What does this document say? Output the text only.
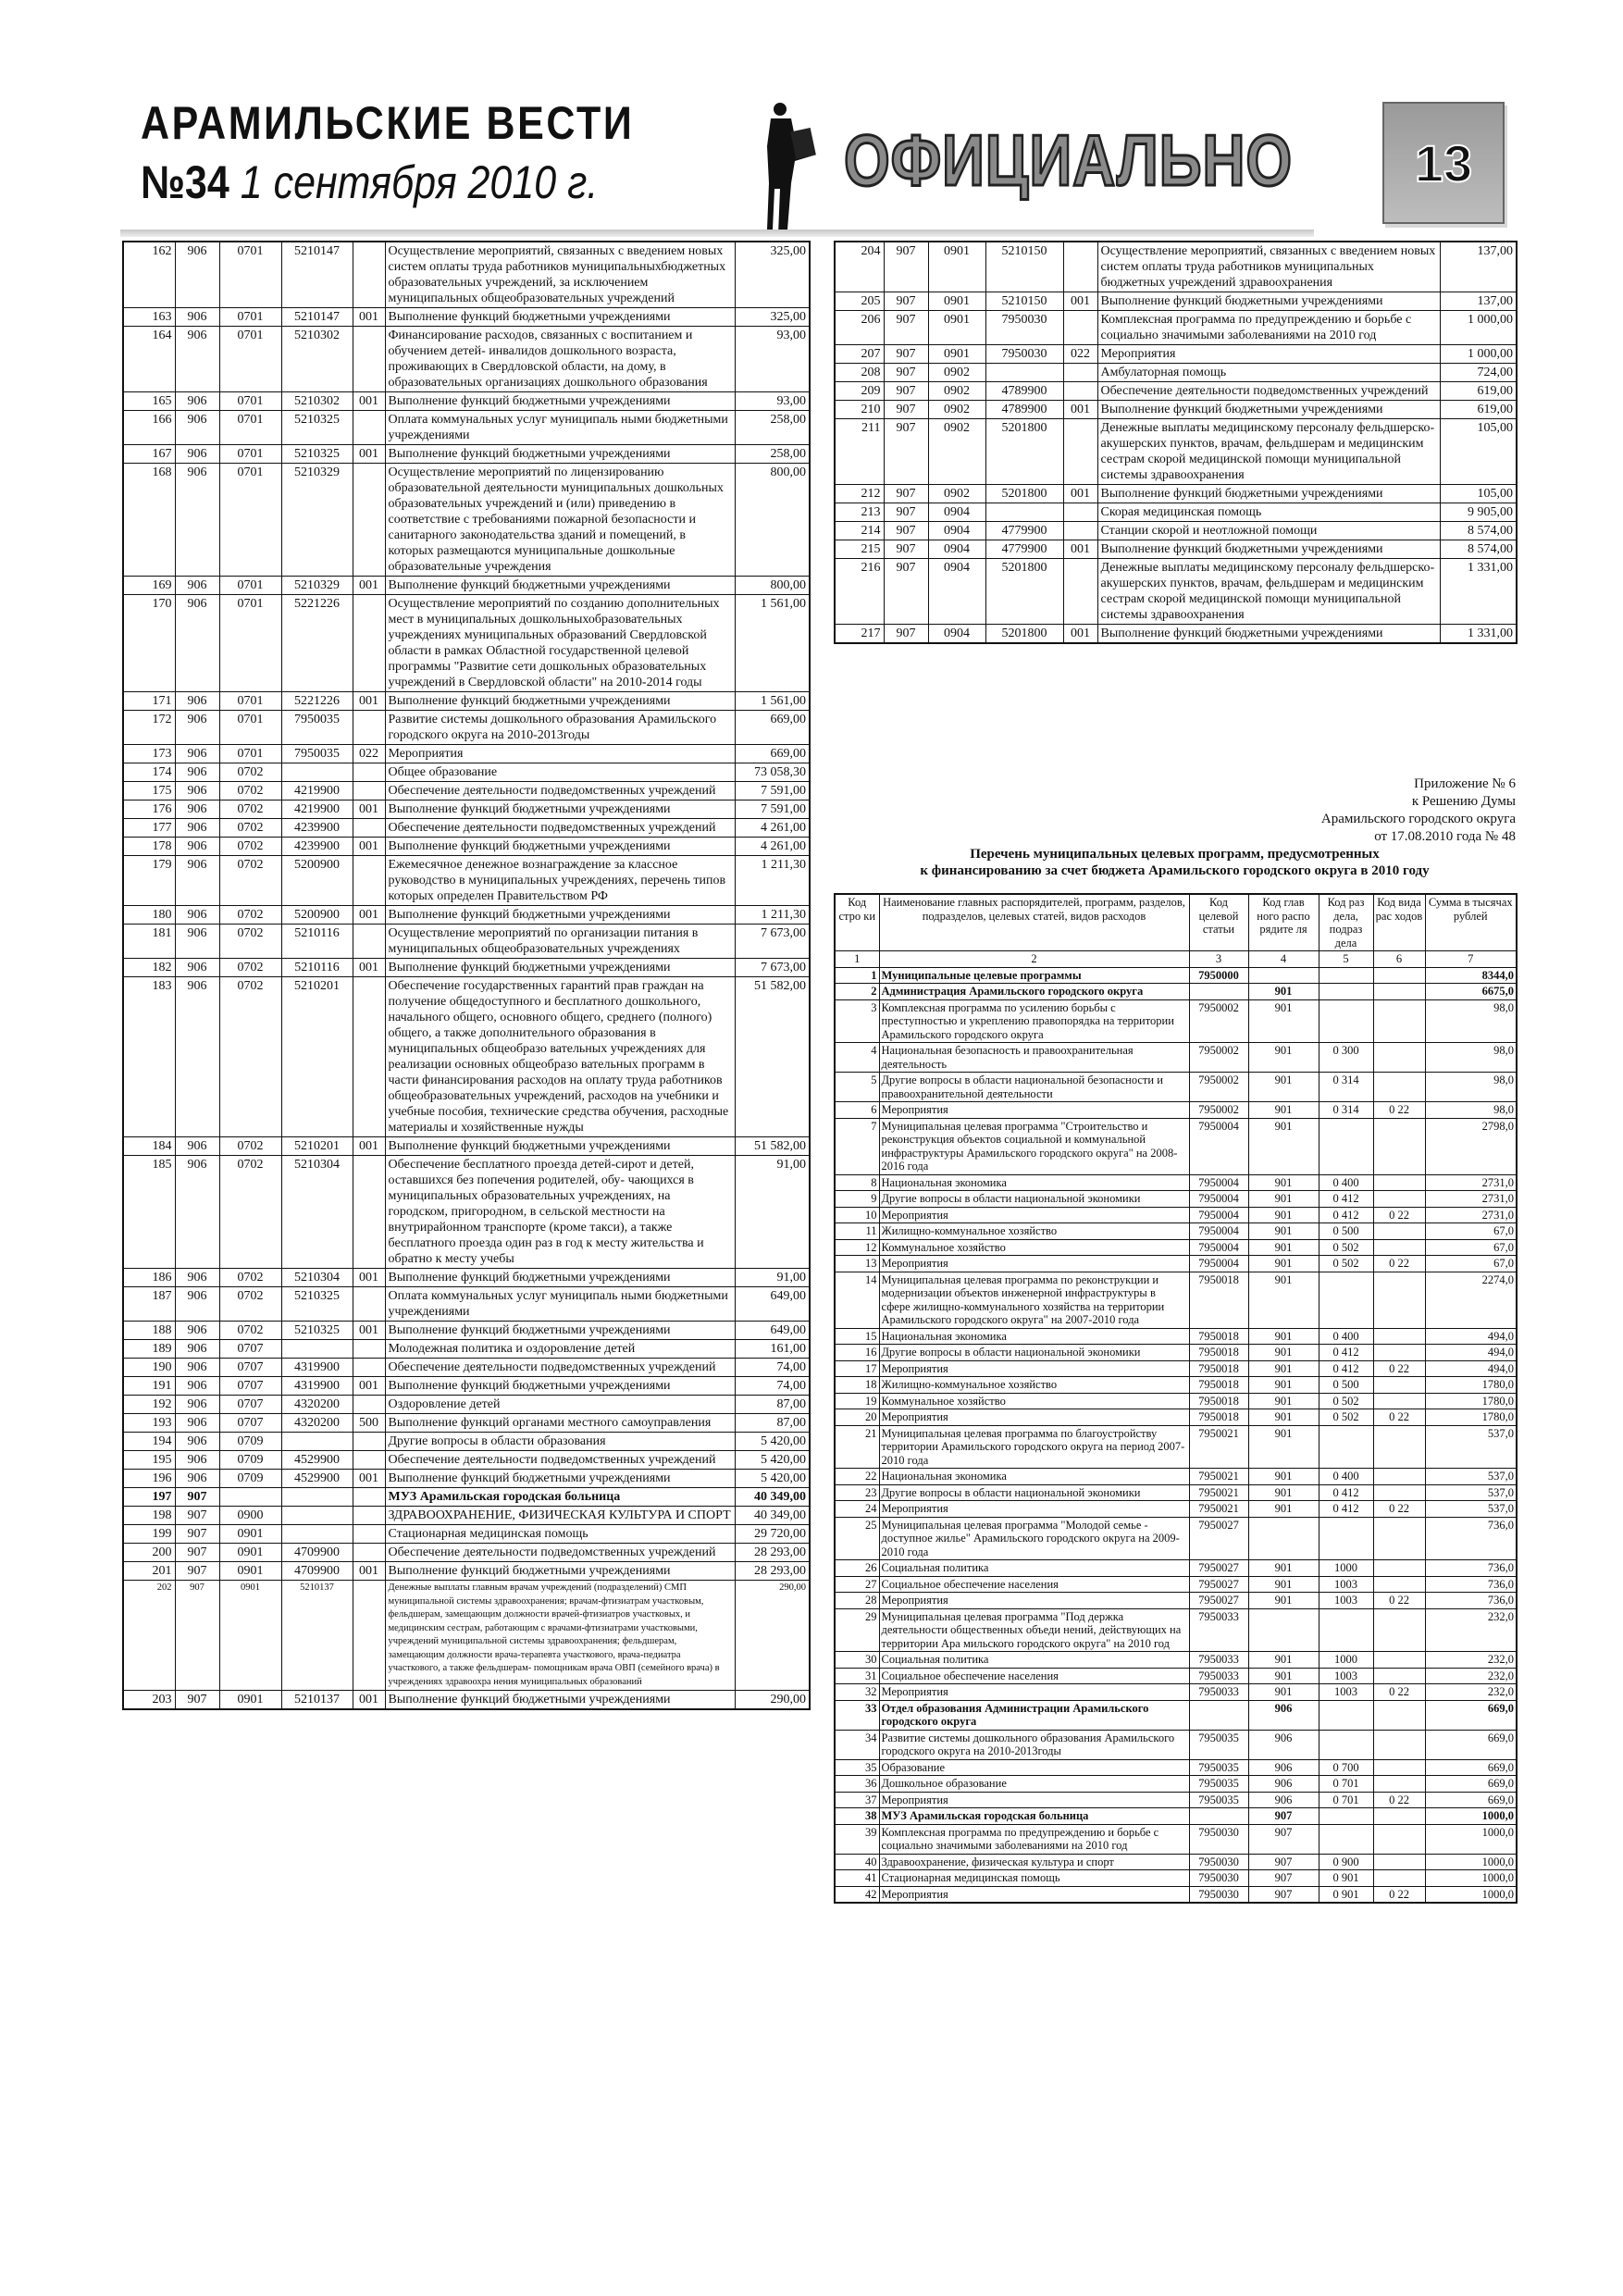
АРАМИЛЬСКИЕ ВЕСТИ
№34 1 сентября 2010 г.	ОФИЦИАЛЬНО	13
162	906	0701	5210147		Осуществление мероприятий, связанных с введением новых систем оплаты труда работников муниципальныхбюджетных образовательных учреждений, за исключением муниципальных общеобразовательных учреждений	325,00
163	906	0701	5210147	001	Выполнение функций бюджетными учреждениями	325,00
164	906	0701	5210302		Финансирование расходов, связанных с воспитанием и обучением детей- инвалидов дошкольного возраста, проживающих в Свердловской области, на дому, в образовательных организациях дошкольного образования	93,00
165	906	0701	5210302	001	Выполнение функций бюджетными учреждениями	93,00
166	906	0701	5210325		Оплата коммунальных услуг муниципаль ными бюджетными учреждениями	258,00
167	906	0701	5210325	001	Выполнение функций бюджетными учреждениями	258,00
168	906	0701	5210329		Осуществление мероприятий по лицензированию образовательной деятельности муниципальных дошкольных образовательных учреждений и (или) приведению в соответствие с требованиями пожарной безопасности и санитарного законодательства зданий и помещений, в которых размещаются муниципальные дошкольные образовательные учреждения	800,00
169	906	0701	5210329	001	Выполнение функций бюджетными учреждениями	800,00
170	906	0701	5221226		Осуществление мероприятий по созданию дополнительных мест в муниципальных дошкольныхобразовательных учреждениях муниципальных образований Свердловской области в рамках Областной государственной целевой программы "Развитие сети дошкольных образовательных учреждений в Свердловской области" на 2010-2014 годы	1 561,00
171	906	0701	5221226	001	Выполнение функций бюджетными учреждениями	1 561,00
172	906	0701	7950035		Развитие системы дошкольного образования Арамильского городского округа на 2010-2013годы	669,00
173	906	0701	7950035	022	Мероприятия	669,00
174	906	0702			Общее образование	73 058,30
175	906	0702	4219900		Обеспечение деятельности подведомственных учреждений	7 591,00
176	906	0702	4219900	001	Выполнение функций бюджетными учреждениями	7 591,00
177	906	0702	4239900		Обеспечение деятельности подведомственных учреждений	4 261,00
178	906	0702	4239900	001	Выполнение функций бюджетными учреждениями	4 261,00
179	906	0702	5200900		Ежемесячное денежное вознаграждение за классное руководство в муниципальных учреждениях, перечень типов которых определен Правительством РФ	1 211,30
180	906	0702	5200900	001	Выполнение функций бюджетными учреждениями	1 211,30
181	906	0702	5210116		Осуществление мероприятий по организации питания в муниципальных общеобразовательных учреждениях	7 673,00
182	906	0702	5210116	001	Выполнение функций бюджетными учреждениями	7 673,00
183	906	0702	5210201		Обеспечение государственных гарантий прав граждан на получение общедоступного и бесплатного дошкольного, начального общего, основного общего, среднего (полного) общего, а также дополнительного образования в муниципальных общеобразо вательных учреждениях для реализации основных общеобразо вательных программ в части финансирования расходов на оплату труда работников общеобразовательных учреждений, расходов на учебники и учебные пособия, технические средства обучения, расходные материалы и хозяйственные нужды	51 582,00
184	906	0702	5210201	001	Выполнение функций бюджетными учреждениями	51 582,00
185	906	0702	5210304		Обеспечение бесплатного проезда детей-сирот и детей, оставшихся без попечения родителей, обу- чающихся в муниципальных образовательных учреждениях, на городском, пригородном, в сельской местности на внутрирайонном транспорте (кроме такси), а также бесплатного проезда один раз в год к месту жительства и обратно к месту учебы	91,00
186	906	0702	5210304	001	Выполнение функций бюджетными учреждениями	91,00
187	906	0702	5210325		Оплата коммунальных услуг муниципаль ными бюджетными учреждениями	649,00
188	906	0702	5210325	001	Выполнение функций бюджетными учреждениями	649,00
189	906	0707			Молодежная политика и оздоровление детей	161,00
190	906	0707	4319900		Обеспечение деятельности подведомственных учреждений	74,00
191	906	0707	4319900	001	Выполнение функций бюджетными учреждениями	74,00
192	906	0707	4320200		Оздоровление детей	87,00
193	906	0707	4320200	500	Выполнение функций органами местного самоуправления	87,00
194	906	0709			Другие вопросы в области образования	5 420,00
195	906	0709	4529900		Обеспечение деятельности подведомственных учреждений	5 420,00
196	906	0709	4529900	001	Выполнение функций бюджетными учреждениями	5 420,00
197	907				МУЗ Арамильская городская больница	40 349,00
198	907	0900			ЗДРАВООХРАНЕНИЕ, ФИЗИЧЕСКАЯ КУЛЬТУРА И СПОРТ	40 349,00
199	907	0901			Стационарная медицинская помощь	29 720,00
200	907	0901	4709900		Обеспечение деятельности подведомственных учреждений	28 293,00
201	907	0901	4709900	001	Выполнение функций бюджетными учреждениями	28 293,00
202	907	0901	5210137		Денежные выплаты главным врачам учреждений (подразделений) СМП муниципальной системы здравоохранения; врачам-фтизиатрам участковым, фельдшерам, замещающим должности врачей-фтизиатров участковых, и медицинским сестрам, работающим с врачами-фтизиатрами участковыми, учреждений муниципальной системы здравоохранения; фельдшерам, замещающим должности врача-терапевта участкового, врача-педиатра участкового, а также фельдшерам- помощникам врача ОВП (семейного врача) в учреждениях здравоохра нения муниципальных образований	290,00
203	907	0901	5210137	001	Выполнение функций бюджетными учреждениями	290,00
204	907	0901	5210150		Осуществление мероприятий, связанных с введением новых систем оплаты труда работников муниципальных бюджетных учреждений здравоохранения	137,00
205	907	0901	5210150	001	Выполнение функций бюджетными учреждениями	137,00
206	907	0901	7950030		Комплексная программа по предупреждению и борьбе с социально значимыми заболеваниями на 2010 год	1 000,00
207	907	0901	7950030	022	Мероприятия	1 000,00
208	907	0902			Амбулаторная помощь	724,00
209	907	0902	4789900		Обеспечение деятельности подведомственных учреждений	619,00
210	907	0902	4789900	001	Выполнение функций бюджетными учреждениями	619,00
211	907	0902	5201800		Денежные выплаты медицинскому персоналу фельдшерско-акушерских пунктов, врачам, фельдшерам и медицинским сестрам скорой медицинской помощи муниципальной системы здравоохранения	105,00
212	907	0902	5201800	001	Выполнение функций бюджетными учреждениями	105,00
213	907	0904			Скорая медицинская помощь	9 905,00
214	907	0904	4779900		Станции скорой и неотложной помощи	8 574,00
215	907	0904	4779900	001	Выполнение функций бюджетными учреждениями	8 574,00
216	907	0904	5201800		Денежные выплаты медицинскому персоналу фельдшерско-акушерских пунктов, врачам, фельдшерам и медицинским сестрам скорой медицинской помощи муниципальной системы здравоохранения	1 331,00
217	907	0904	5201800	001	Выполнение функций бюджетными учреждениями	1 331,00
Приложение № 6
к Решению Думы
Арамильского городского округа
от 17.08.2010 года № 48
Перечень муниципальных целевых программ, предусмотренных
к финансированию за счет бюджета Арамильского городского округа в 2010 году
Код стро ки	Наименование главных распорядителей, программ, разделов, подразделов, целевых статей, видов расходов	Код целевой статьи	Код глав ного распо рядите ля	Код раз дела, подраз дела	Код вида рас ходов	Сумма в тысячах рублей
1	2	3	4	5	6	7
1	Муниципальные целевые программы	7950000				8344,0
2	Администрация Арамильского городского округа		901			6675,0
3	Комплексная программа по усилению борьбы с преступностью и укреплению правопорядка на территории Арамильского городского округа	7950002	901			98,0
4	Национальная безопасность и правоохранительная деятельность	7950002	901	0 300		98,0
5	Другие вопросы в области национальной безопасности и правоохранительной деятельности	7950002	901	0 314		98,0
6	Мероприятия	7950002	901	0 314	0 22	98,0
7	Муниципальная целевая программа "Строительство и реконструкция объектов социальной и коммунальной инфраструктуры Арамильского городского округа" на 2008-2016 года	7950004	901			2798,0
8	Национальная экономика	7950004	901	0 400		2731,0
9	Другие вопросы в области национальной экономики	7950004	901	0 412		2731,0
10	Мероприятия	7950004	901	0 412	0 22	2731,0
11	Жилищно-коммунальное хозяйство	7950004	901	0 500		67,0
12	Коммунальное хозяйство	7950004	901	0 502		67,0
13	Мероприятия	7950004	901	0 502	0 22	67,0
14	Муниципальная целевая программа по реконструкции и модернизации объектов инженерной инфраструктуры в сфере жилищно-коммунального хозяйства на территории Арамильского городского округа" на 2007-2010 года	7950018	901			2274,0
15	Национальная экономика	7950018	901	0 400		494,0
16	Другие вопросы в области национальной экономики	7950018	901	0 412		494,0
17	Мероприятия	7950018	901	0 412	0 22	494,0
18	Жилищно-коммунальное хозяйство	7950018	901	0 500		1780,0
19	Коммунальное хозяйство	7950018	901	0 502		1780,0
20	Мероприятия	7950018	901	0 502	0 22	1780,0
21	Муниципальная целевая программа по благоустройству территории Арамильского городского округа на период 2007-2010 года	7950021	901			537,0
22	Национальная экономика	7950021	901	0 400		537,0
23	Другие вопросы в области национальной экономики	7950021	901	0 412		537,0
24	Мероприятия	7950021	901	0 412	0 22	537,0
25	Муниципальная целевая программа "Молодой семье - доступное жилье" Арамильского городского округа на 2009-2010 года	7950027				736,0
26	Социальная политика	7950027	901	1000		736,0
27	Социальное обеспечение населения	7950027	901	1003		736,0
28	Мероприятия	7950027	901	1003	0 22	736,0
29	Муниципальная целевая программа "Под держка деятельности общественных объеди нений, действующих на территории Ара мильского городского округа" на 2010 год	7950033				232,0
30	Социальная политика	7950033	901	1000		232,0
31	Социальное обеспечение населения	7950033	901	1003		232,0
32	Мероприятия	7950033	901	1003	0 22	232,0
33	Отдел образования Администрации Арамильского городского округа		906			669,0
34	Развитие системы дошкольного образования Арамильского городского округа на 2010-2013годы	7950035	906			669,0
35	Образование	7950035	906	0 700		669,0
36	Дошкольное образование	7950035	906	0 701		669,0
37	Мероприятия	7950035	906	0 701	0 22	669,0
38	МУЗ Арамильская городская больница		907			1000,0
39	Комплексная программа по предупреждению и борьбе с социально значимыми заболеваниями на 2010 год	7950030	907			1000,0
40	Здравоохранение, физическая культура и спорт	7950030	907	0 900		1000,0
41	Стационарная медицинская помощь	7950030	907	0 901		1000,0
42	Мероприятия	7950030	907	0 901	0 22	1000,0
